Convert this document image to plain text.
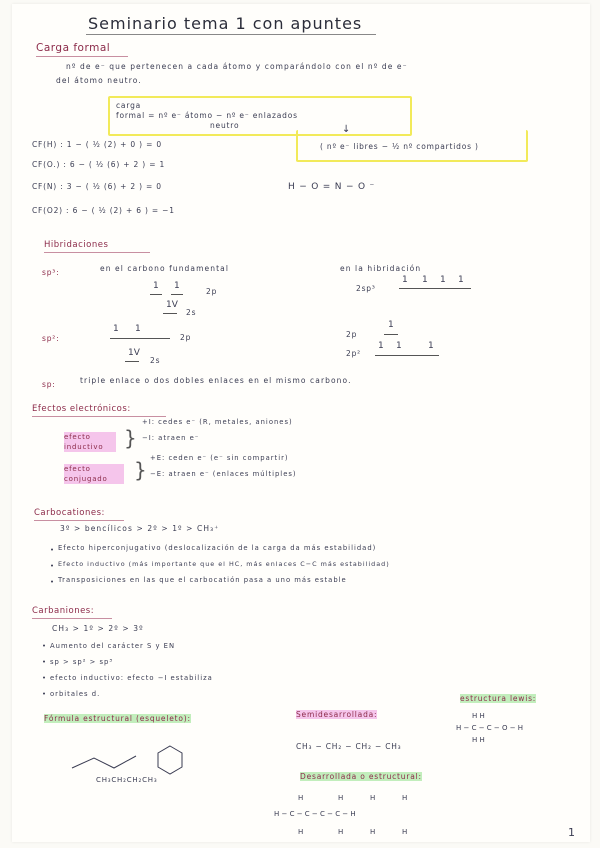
Seminario tema 1 con apuntes
Carga formal
nº de e⁻ que pertenecen a cada átomo y comparándolo con el nº de e⁻
del átomo neutro.
carga
formal = nº e⁻ átomo − nº e⁻ enlazados
neutro	↓
( nº e⁻ libres − ½ nº compartidos )
CF(H) : 1 − ( ½ (2) + 0 ) = 0
CF(O.) : 6 − ( ½ (6) + 2 ) = 1
CF(N) : 3 − ( ½ (6) + 2 ) = 0
CF(O2) : 6 − ( ½ (2) + 6 ) = −1
H − O = N − O ⁻
Hibridaciones
sp³:	en el carbono fundamental	en la hibridación
1 1
2p
1V
2s
2sp³
1 1 1 1
sp²:
1 1
2p
1V
2s
2p
1
2p²
1 1	1
sp:	triple enlace o dos dobles enlaces en el mismo carbono.
Efectos electrónicos:
efecto inductivo	}
+I: cedes e⁻ (R, metales, aniones)
−I: atraen e⁻
efecto conjugado	} +E: ceden e⁻ (e⁻ sin compartir)
−E: atraen e⁻ (enlaces múltiples)
Carbocationes:
3º > bencílicos > 2º > 1º > CH₃⁺
• Efecto hiperconjugativo (deslocalización de la carga da más estabilidad)
• Efecto inductivo (más importante que el HC, más enlaces C−C más estabilidad)
• Transposiciones en las que el carbocatión pasa a uno más estable
Carbaniones:
CH₃ > 1º > 2º > 3º
• Aumento del carácter S y EN
• sp > sp² > sp³
• efecto inductivo: efecto −I estabiliza
• orbitales d.
Fórmula estructural (esqueleto):	Semidesarrollada:
estructura lewis:
CH₃CH₂CH₂CH₃
CH₃ − CH₂ − CH₂ − CH₃
H − C − C − O − H
H H
H H
Desarrollada o estructural:
H	H	H	H
H − C − C − C − C − H
H	H	H	H	1
